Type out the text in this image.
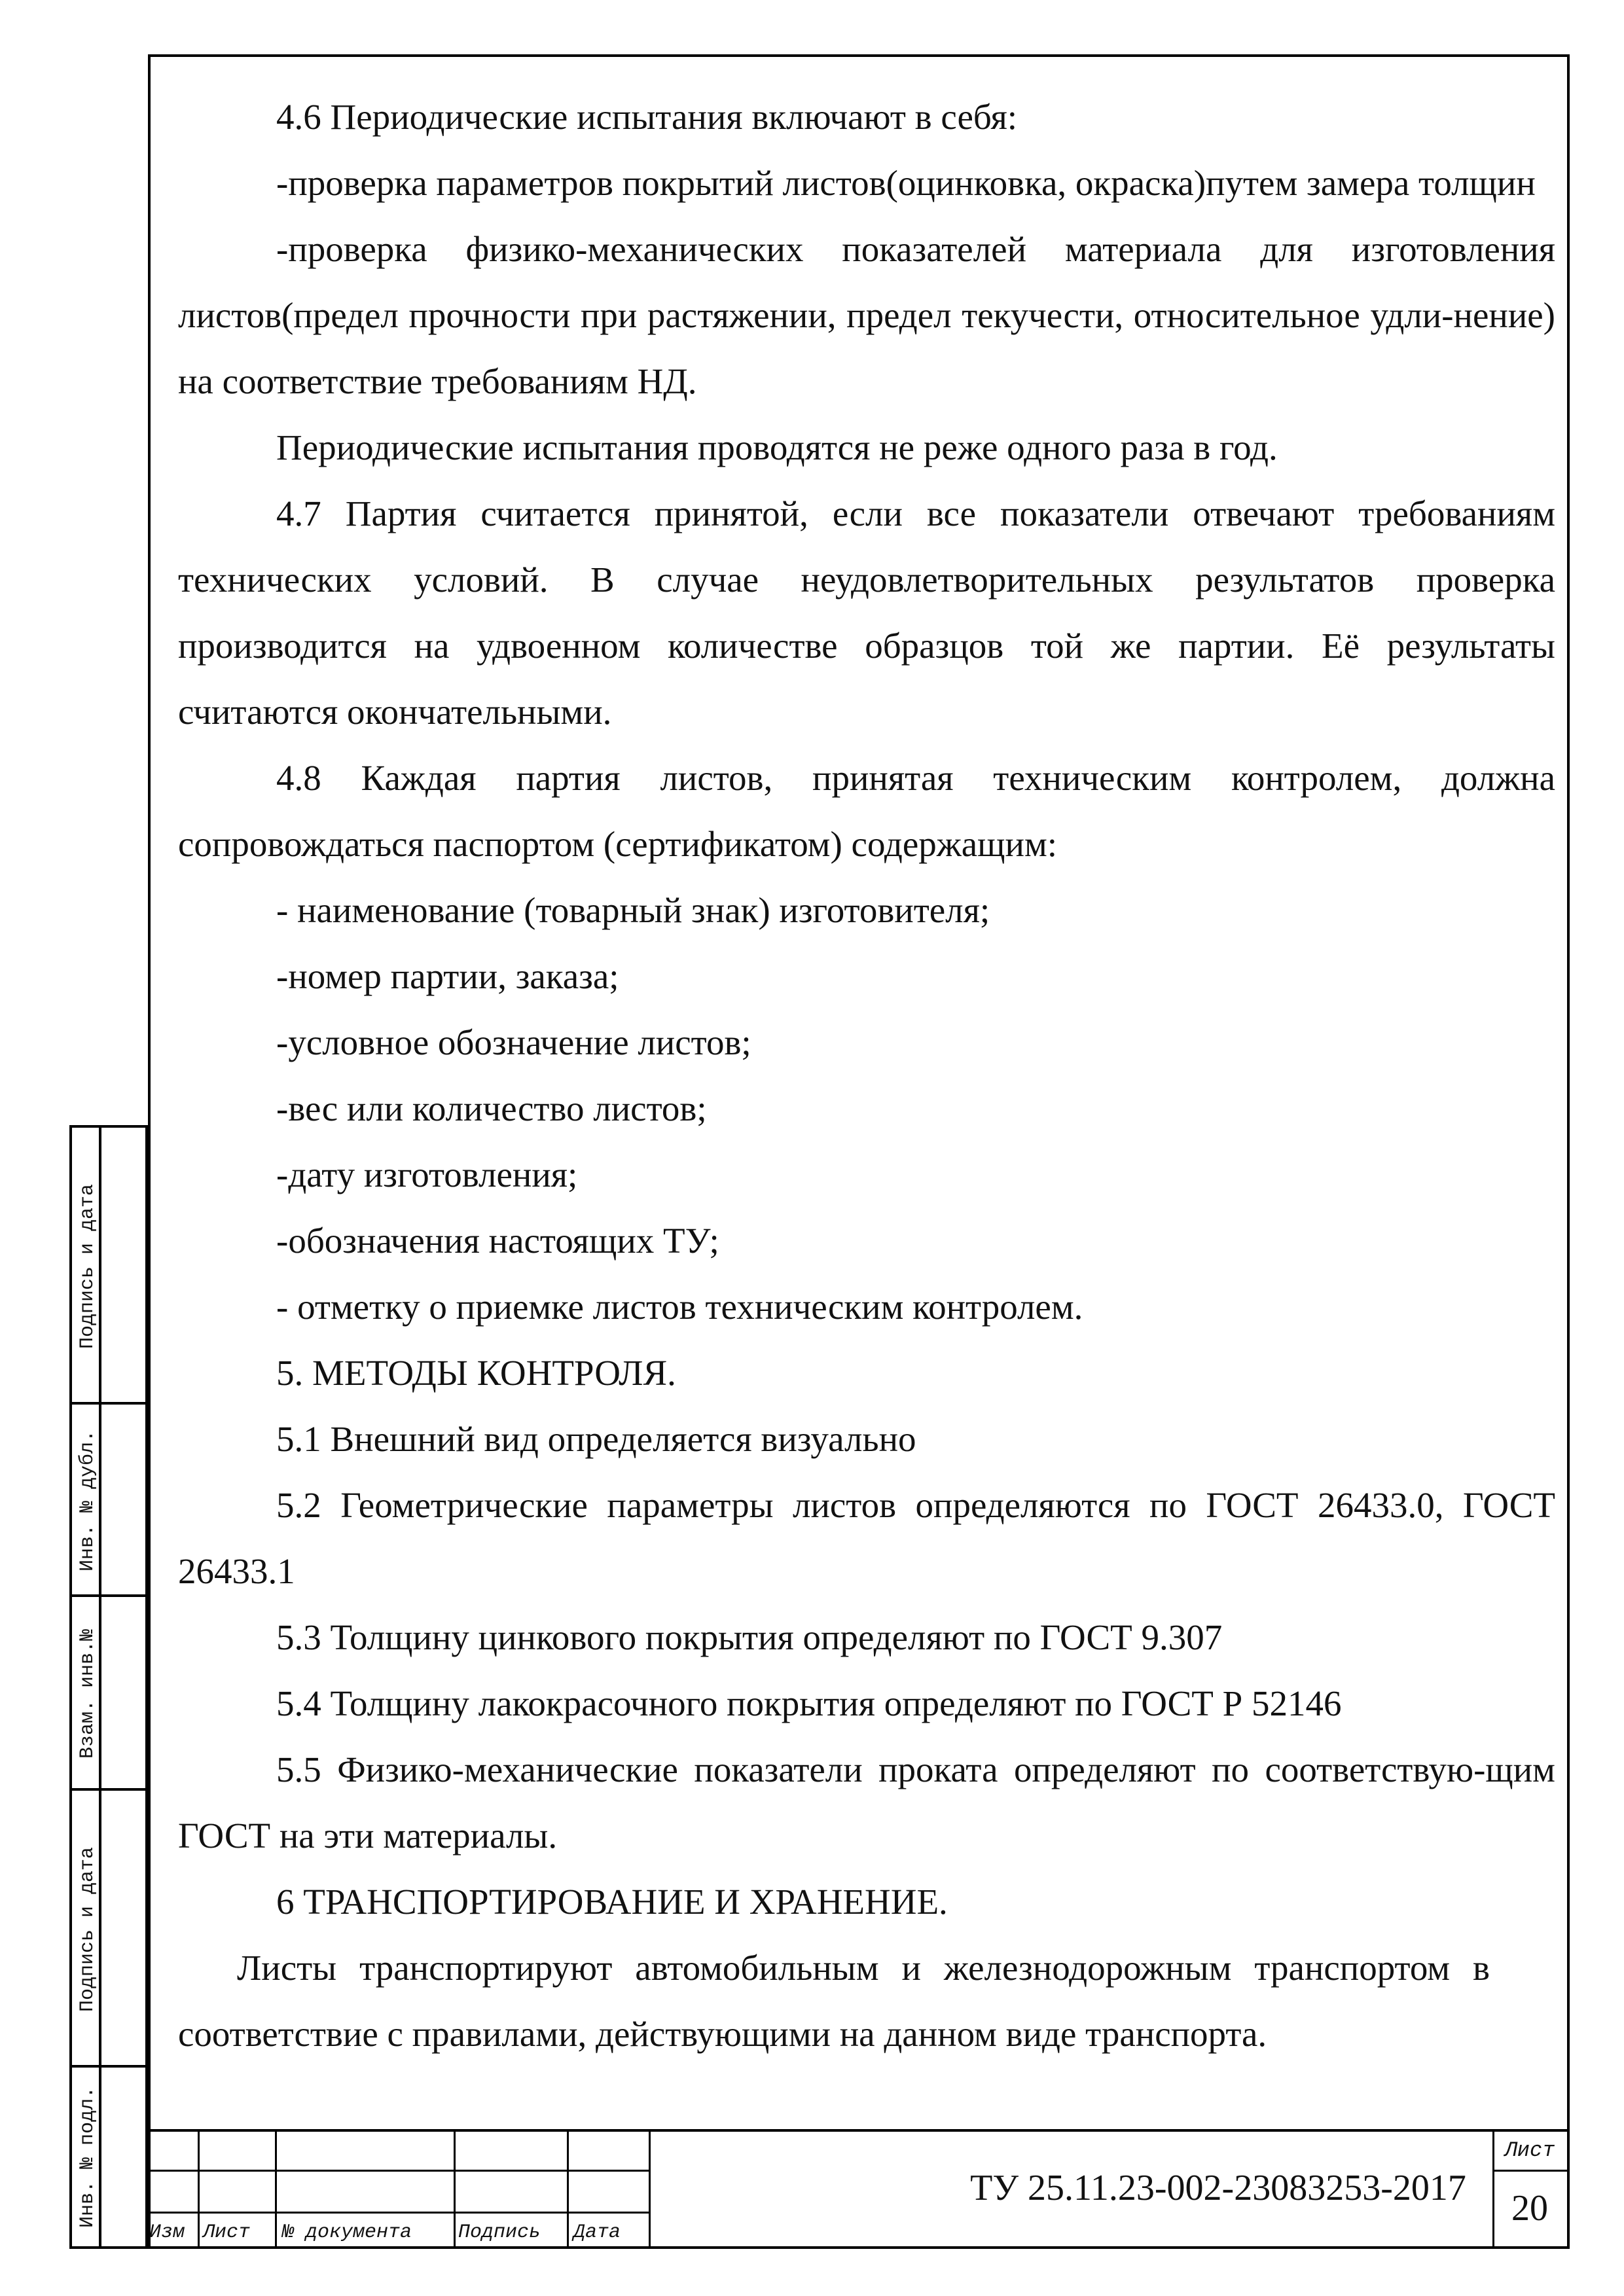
4.6 Периодические испытания включают в себя:

-проверка параметров покрытий листов(оцинковка, окраска)путем замера толщин

-проверка физико-механических показателей материала для изготовления листов(предел прочности при растяжении, предел текучести, относительное удли-нение) на соответствие требованиям НД.

Периодические испытания проводятся не реже одного раза в год.

4.7 Партия считается принятой, если все показатели отвечают требованиям технических условий. В случае неудовлетворительных результатов проверка производится на удвоенном количестве образцов той же партии. Её результаты считаются окончательными.

4.8 Каждая партия листов, принятая техническим контролем, должна сопровождаться паспортом (сертификатом) содержащим:

- наименование (товарный знак) изготовителя;

-номер партии, заказа;

-условное обозначение листов;

-вес или количество листов;

-дату изготовления;

-обозначения настоящих ТУ;

- отметку о приемке листов техническим контролем.

5. МЕТОДЫ КОНТРОЛЯ.

5.1 Внешний вид определяется визуально

5.2 Геометрические параметры листов определяются по ГОСТ 26433.0, ГОСТ 26433.1

5.3 Толщину цинкового покрытия определяют по ГОСТ 9.307

5.4 Толщину лакокрасочного покрытия определяют по ГОСТ Р 52146

5.5 Физико-механические показатели проката определяют по соответствую-щим ГОСТ на эти материалы.

6 ТРАНСПОРТИРОВАНИЕ И ХРАНЕНИЕ.

Листы транспортируют автомобильным и железнодорожным транспортом в соответствие с правилами, действующими на данном виде транспорта.

Подпись и дата
Инв. № дубл.
Взам. инв.№
Подпись и дата
Инв. № подл.
Изм Лист № документа Подпись Дата
ТУ 25.11.23-002-23083253-2017
Лист
20
